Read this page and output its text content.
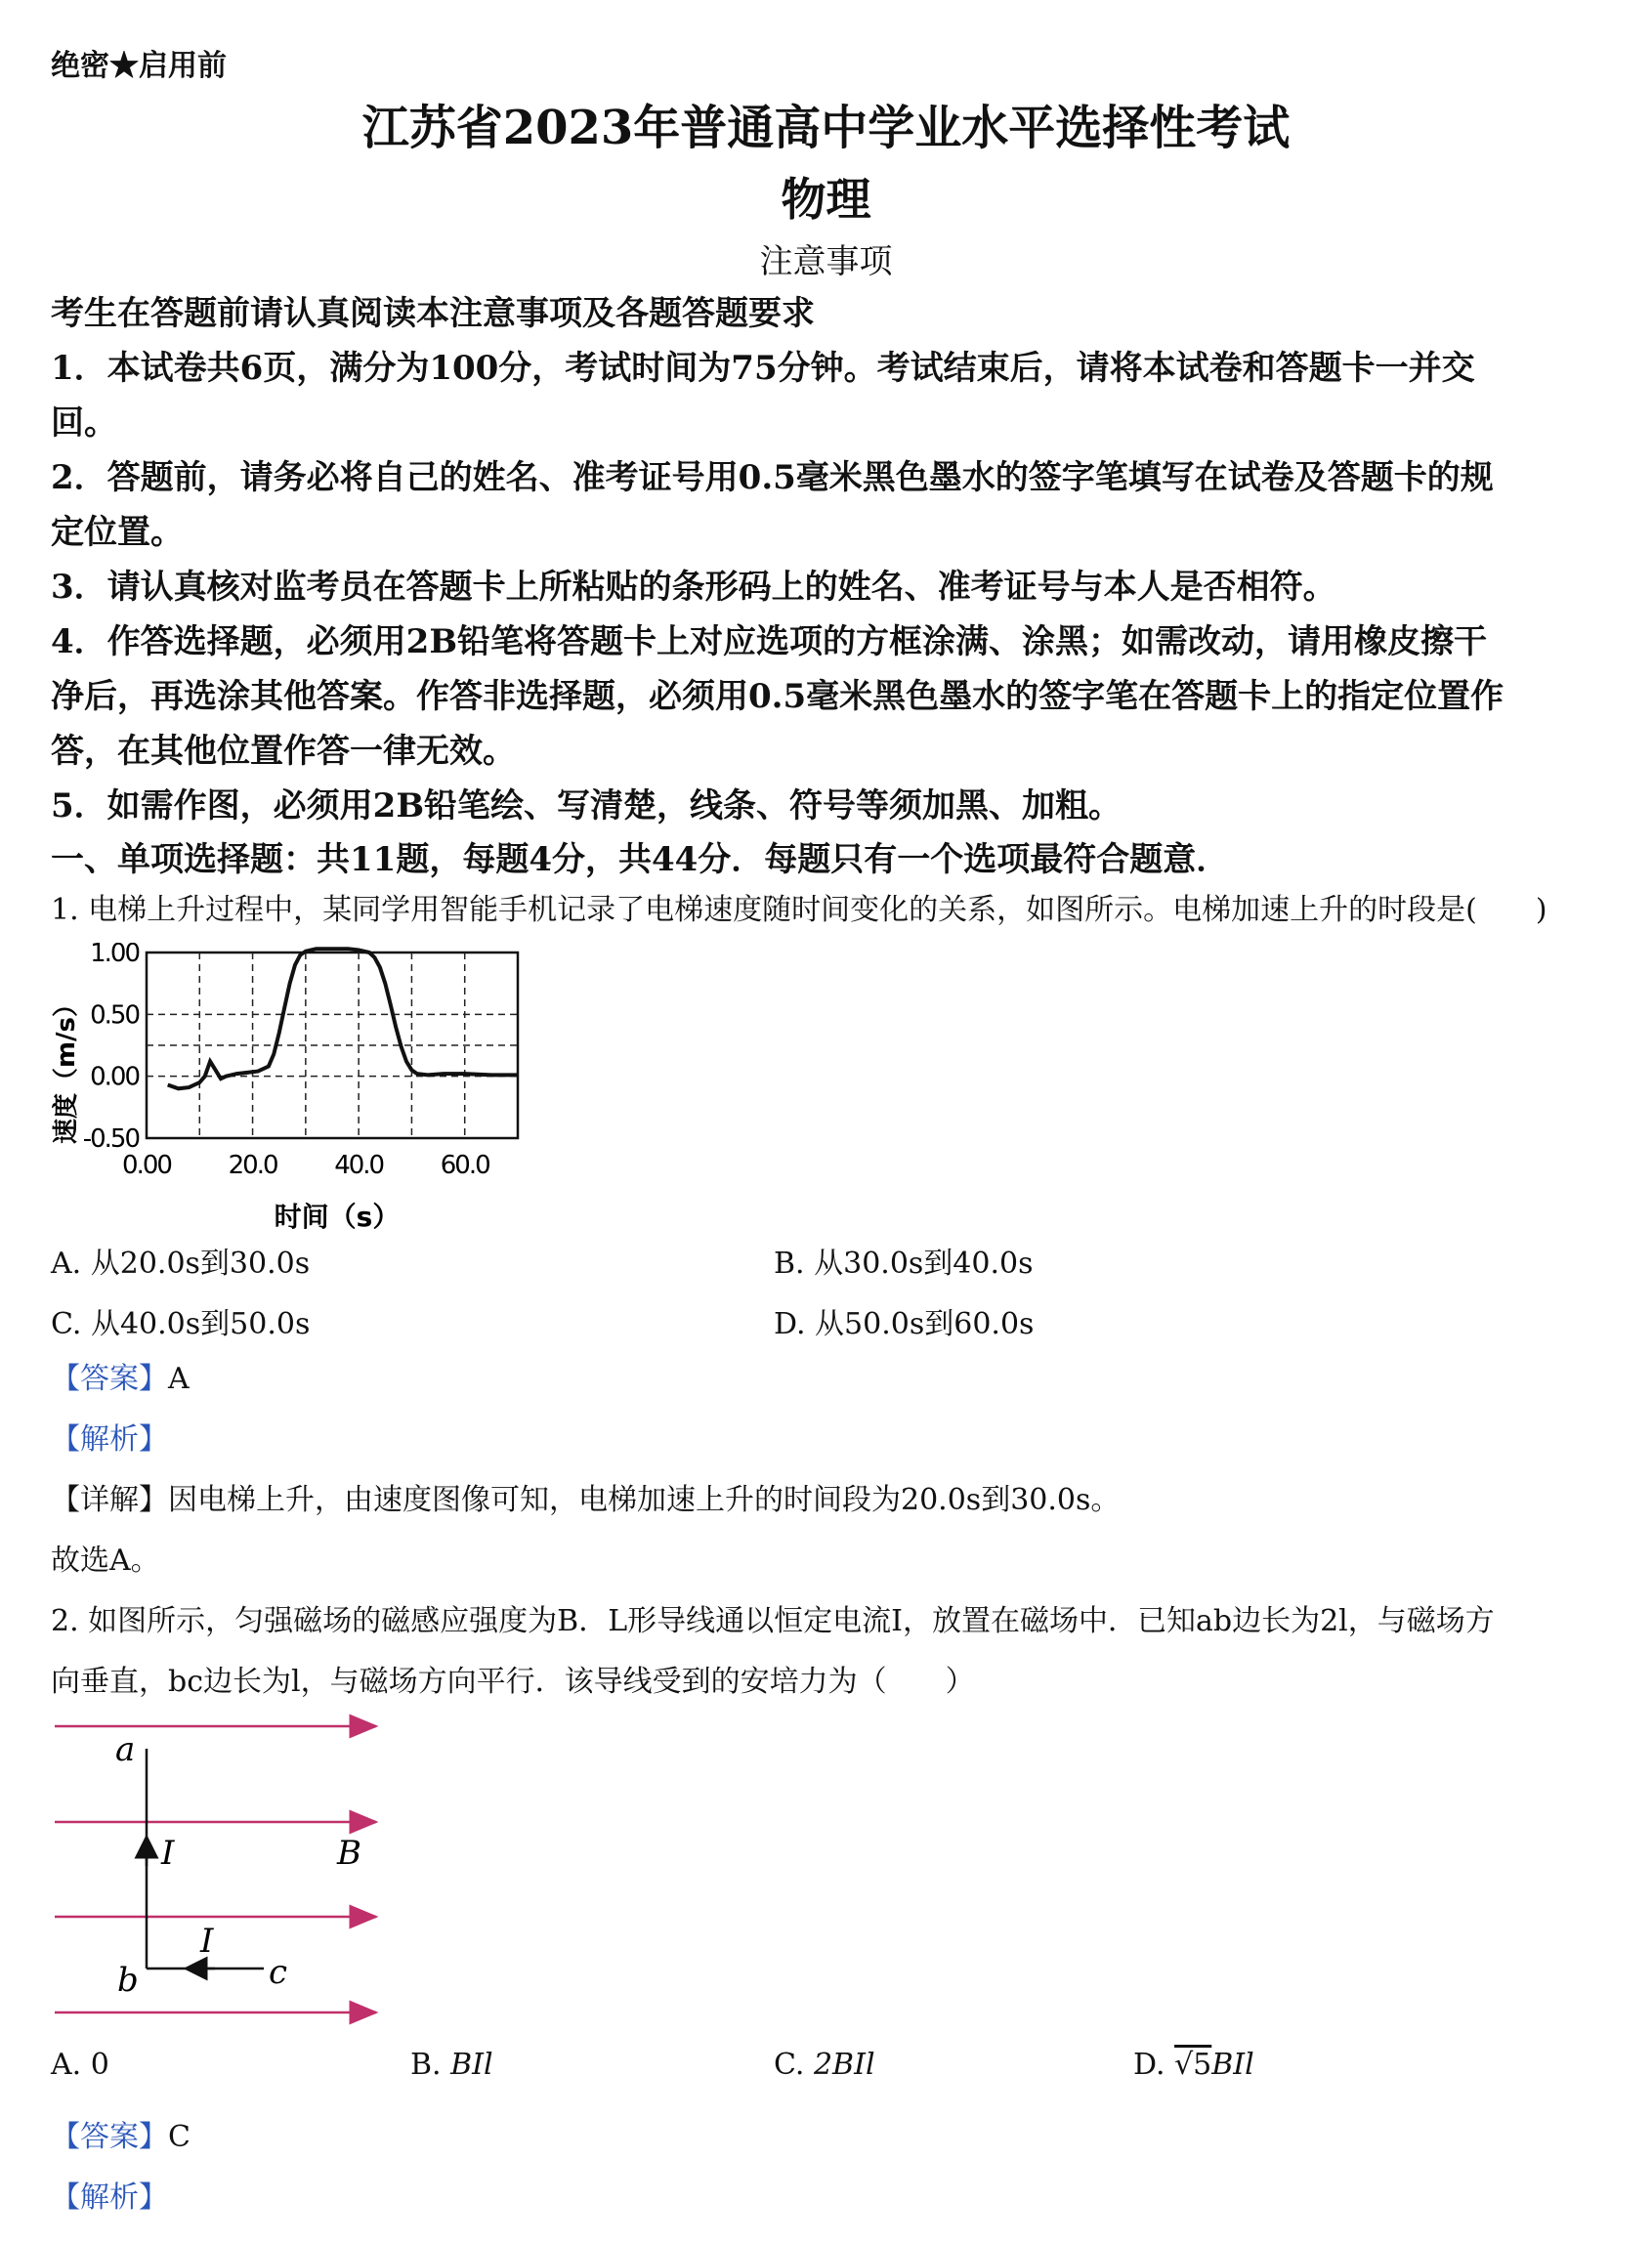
绝密★启用前
江苏省2023年普通高中学业水平选择性考试
物理
注意事项
考生在答题前请认真阅读本注意事项及各题答题要求
1．本试卷共6页，满分为100分，考试时间为75分钟。考试结束后，请将本试卷和答题卡一并交
回。
2．答题前，请务必将自己的姓名、准考证号用0.5毫米黑色墨水的签字笔填写在试卷及答题卡的规
定位置。
3．请认真核对监考员在答题卡上所粘贴的条形码上的姓名、准考证号与本人是否相符。
4．作答选择题，必须用2B铅笔将答题卡上对应选项的方框涂满、涂黑；如需改动，请用橡皮擦干
净后，再选涂其他答案。作答非选择题，必须用0.5毫米黑色墨水的签字笔在答题卡上的指定位置作
答，在其他位置作答一律无效。
5．如需作图，必须用2B铅笔绘、写清楚，线条、符号等须加黑、加粗。
一、单项选择题：共11题，每题4分，共44分．每题只有一个选项最符合题意．
1. 电梯上升过程中，某同学用智能手机记录了电梯速度随时间变化的关系，如图所示。电梯加速上升的时段是(　　)
0.00 20.0 40.0 60.0
1.00
0.50
0.00
-0.50
时间（s）
速度（m/s）
A. 从20.0s到30.0s	B. 从30.0s到40.0s
C. 从40.0s到50.0s	D. 从50.0s到60.0s
【答案】A
【解析】
【详解】因电梯上升，由速度图像可知，电梯加速上升的时间段为20.0s到30.0s。
故选A。
2. 如图所示，匀强磁场的磁感应强度为B．L形导线通以恒定电流I，放置在磁场中．已知ab边长为2l，与磁场方
向垂直，bc边长为l，与磁场方向平行．该导线受到的安培力为（　　）
a
b	c
I
I
B
A. 0	B. BIl	C. 2BIl	D. √5BIl
【答案】C
【解析】
